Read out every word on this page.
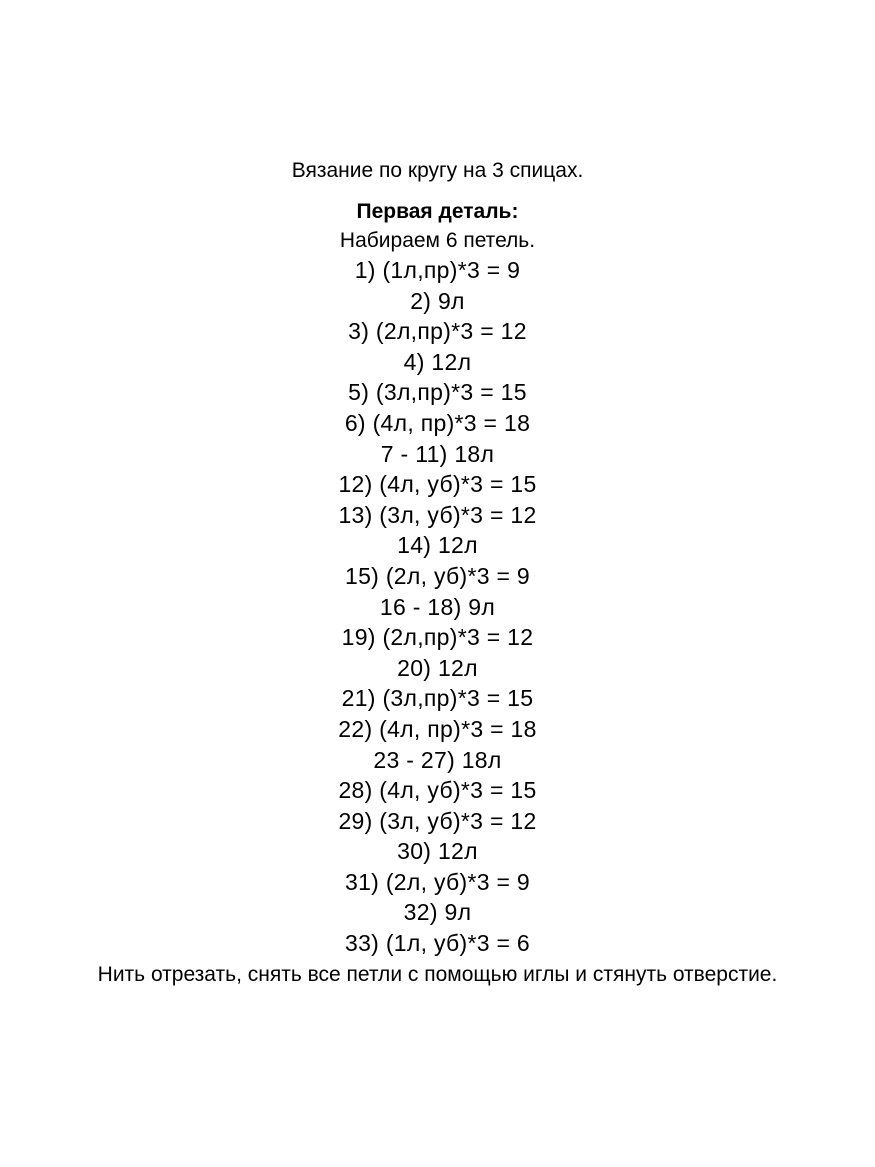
Вязание по кругу на 3 спицах.
Первая деталь:
Набираем 6 петель.
1) (1л,пр)*3 = 9
2) 9л
3) (2л,пр)*3 = 12
4) 12л
5) (3л,пр)*3 = 15
6) (4л, пр)*3 = 18
7 - 11) 18л
12) (4л, уб)*3 = 15
13) (3л, уб)*3 = 12
14) 12л
15) (2л, уб)*3 = 9
16 - 18) 9л
19) (2л,пр)*3 = 12
20) 12л
21) (3л,пр)*3 = 15
22) (4л, пр)*3 = 18
23 - 27) 18л
28) (4л, уб)*3 = 15
29) (3л, уб)*3 = 12
30) 12л
31) (2л, уб)*3 = 9
32) 9л
33) (1л, уб)*3 = 6
Нить отрезать, снять все петли с помощью иглы и стянуть отверстие.
